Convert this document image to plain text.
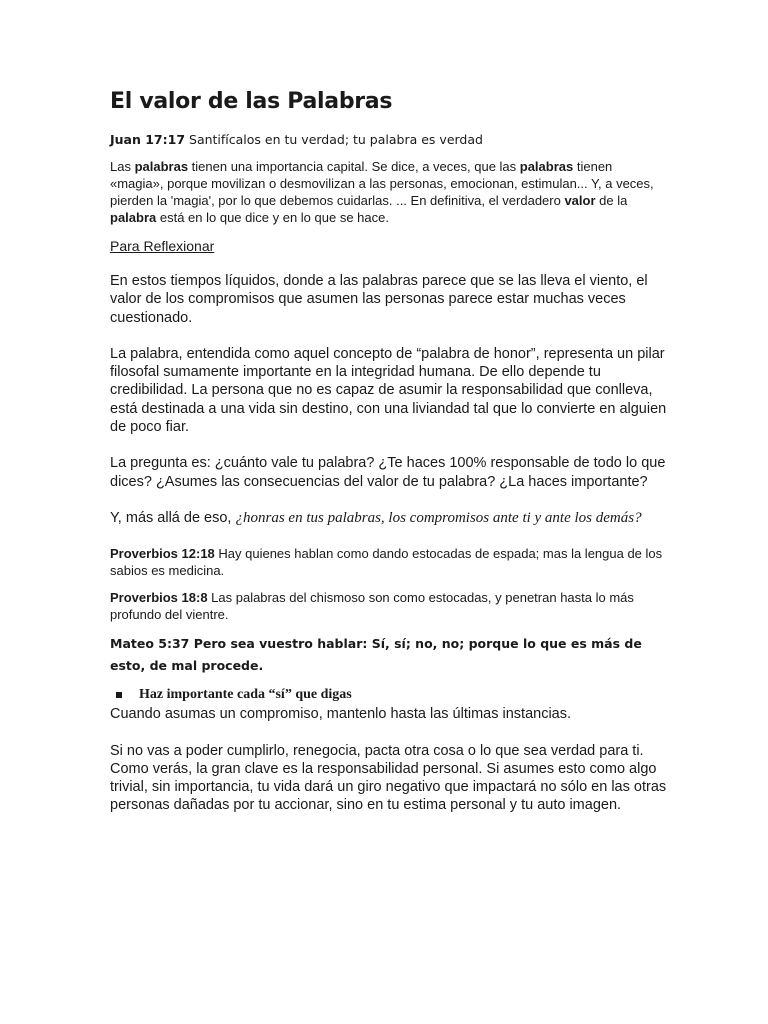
El valor de las Palabras

Juan 17:17 Santifícalos en tu verdad; tu palabra es verdad

Las palabras tienen una importancia capital. Se dice, a veces, que las palabras tienen «magia», porque movilizan o desmovilizan a las personas, emocionan, estimulan... Y, a veces, pierden la 'magia', por lo que debemos cuidarlas. ... En definitiva, el verdadero valor de la palabra está en lo que dice y en lo que se hace.

Para Reflexionar

En estos tiempos líquidos, donde a las palabras parece que se las lleva el viento, el valor de los compromisos que asumen las personas parece estar muchas veces cuestionado.

La palabra, entendida como aquel concepto de “palabra de honor”, representa un pilar filosofal sumamente importante en la integridad humana. De ello depende tu credibilidad. La persona que no es capaz de asumir la responsabilidad que conlleva, está destinada a una vida sin destino, con una liviandad tal que lo convierte en alguien de poco fiar.

La pregunta es: ¿cuánto vale tu palabra? ¿Te haces 100% responsable de todo lo que dices? ¿Asumes las consecuencias del valor de tu palabra? ¿La haces importante?

Y, más allá de eso, ¿honras en tus palabras, los compromisos ante ti y ante los demás?

Proverbios 12:18 Hay quienes hablan como dando estocadas de espada; mas la lengua de los sabios es medicina.

Proverbios 18:8 Las palabras del chismoso son como estocadas, y penetran hasta lo más profundo del vientre.

Mateo 5:37 Pero sea vuestro hablar: Sí, sí; no, no; porque lo que es más de esto, de mal procede.

Haz importante cada “sí” que digas

Cuando asumas un compromiso, mantenlo hasta las últimas instancias.

Si no vas a poder cumplirlo, renegocia, pacta otra cosa o lo que sea verdad para ti. Como verás, la gran clave es la responsabilidad personal. Si asumes esto como algo trivial, sin importancia, tu vida dará un giro negativo que impactará no sólo en las otras personas dañadas por tu accionar, sino en tu estima personal y tu auto imagen.
